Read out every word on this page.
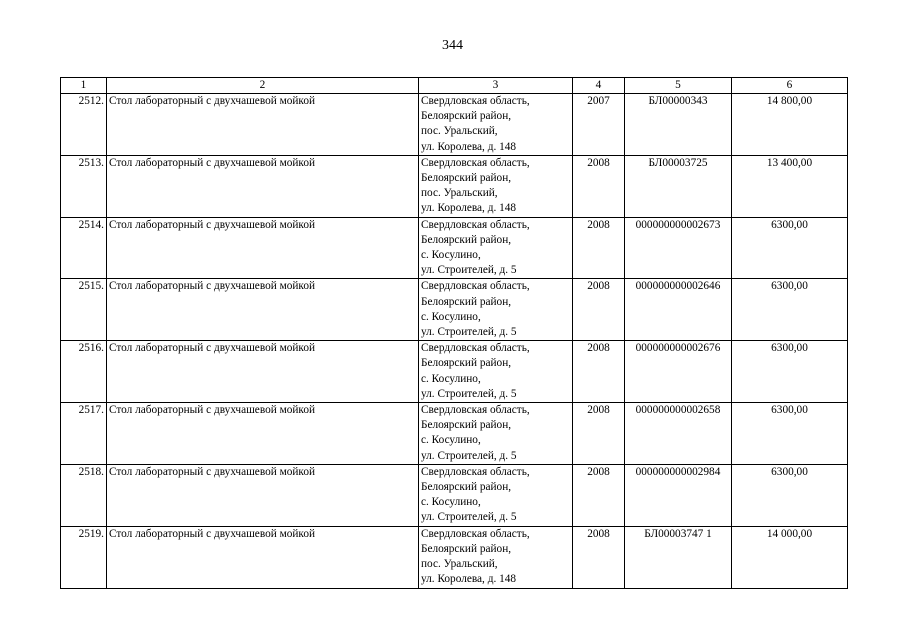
344
1	2	3	4	5	6
2512.	Стол лабораторный с двухчашевой мойкой	Свердловская область,
Белоярский район,
пос. Уральский,
ул. Королева, д. 148	2007	БЛ00000343	14 800,00
2513.	Стол лабораторный с двухчашевой мойкой	Свердловская область,
Белоярский район,
пос. Уральский,
ул. Королева, д. 148	2008	БЛ00003725	13 400,00
2514.	Стол лабораторный с двухчашевой мойкой	Свердловская область,
Белоярский район,
с. Косулино,
ул. Строителей, д. 5	2008	000000000002673	6300,00
2515.	Стол лабораторный с двухчашевой мойкой	Свердловская область,
Белоярский район,
с. Косулино,
ул. Строителей, д. 5	2008	000000000002646	6300,00
2516.	Стол лабораторный с двухчашевой мойкой	Свердловская область,
Белоярский район,
с. Косулино,
ул. Строителей, д. 5	2008	000000000002676	6300,00
2517.	Стол лабораторный с двухчашевой мойкой	Свердловская область,
Белоярский район,
с. Косулино,
ул. Строителей, д. 5	2008	000000000002658	6300,00
2518.	Стол лабораторный с двухчашевой мойкой	Свердловская область,
Белоярский район,
с. Косулино,
ул. Строителей, д. 5	2008	000000000002984	6300,00
2519.	Стол лабораторный с двухчашевой мойкой	Свердловская область,
Белоярский район,
пос. Уральский,
ул. Королева, д. 148	2008	БЛ00003747 1	14 000,00
